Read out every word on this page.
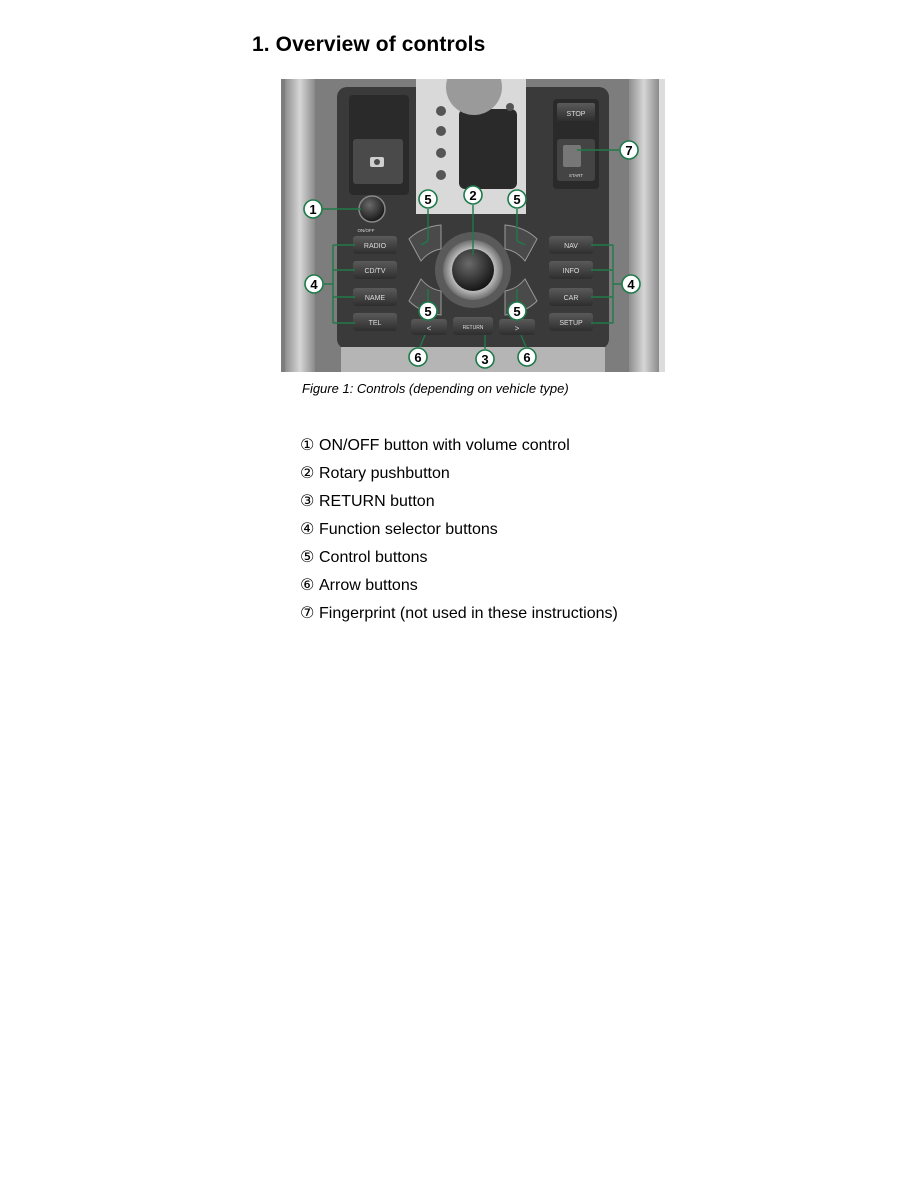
1. Overview of controls
STOP
START
ON/OFF
RADIO
CD/TV
NAME
TEL
NAV
INFO
CAR
SETUP
<	RETURN	>
1
2
5	5
5	5
4	4
7
6	3	6

Figure 1: Controls (depending on vehicle type)

① ON/OFF button with volume control
② Rotary pushbutton
③ RETURN button
④ Function selector buttons
⑤ Control buttons
⑥ Arrow buttons
⑦ Fingerprint (not used in these instructions)
